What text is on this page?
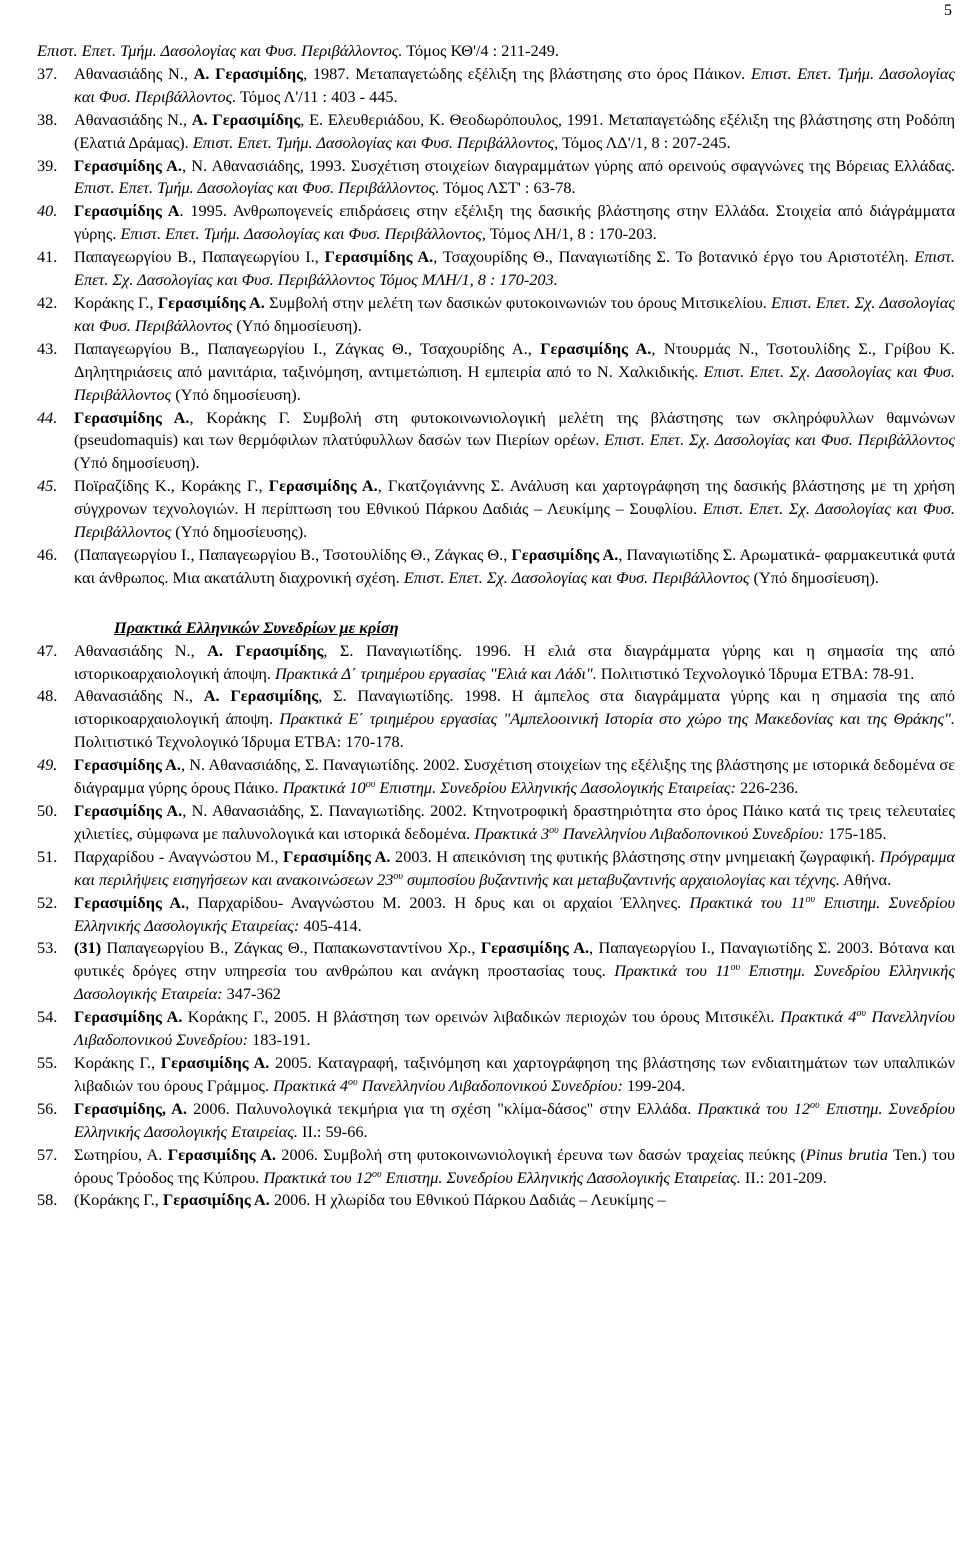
5

Επιστ. Επετ. Τμήμ. Δασολογίας και Φυσ. Περιβάλλοντος. Τόμος ΚΘ'/4 : 211-249.

37. Αθανασιάδης Ν., Α. Γερασιμίδης, 1987. Μεταπαγετώδης εξέλιξη της βλάστησης στο όρος Πάικον. Επιστ. Επετ. Τμήμ. Δασολογίας και Φυσ. Περιβάλλοντος. Τόμος Λ'/11 : 403 - 445.

38. Αθανασιάδης Ν., Α. Γερασιμίδης, Ε. Ελευθεριάδου, Κ. Θεοδωρόπουλος, 1991. Μεταπαγετώδης εξέλιξη της βλάστησης στη Ροδόπη (Ελατιά Δράμας). Επιστ. Επετ. Τμήμ. Δασολογίας και Φυσ. Περιβάλλοντος, Τόμος ΛΔ'/1, 8 : 207-245.

39. Γερασιμίδης Α., Ν. Αθανασιάδης, 1993. Συσχέτιση στοιχείων διαγραμμάτων γύρης από ορεινούς σφαγνώνες της Βόρειας Ελλάδας. Επιστ. Επετ. Τμήμ. Δασολογίας και Φυσ. Περιβάλλοντος. Τόμος ΛΣΤ' : 63-78.

40. Γερασιμίδης Α. 1995. Ανθρωπογενείς επιδράσεις στην εξέλιξη της δασικής βλάστησης στην Ελλάδα. Στοιχεία από διάγράμματα γύρης. Επιστ. Επετ. Τμήμ. Δασολογίας και Φυσ. Περιβάλλοντος, Τόμος ΛΗ/1, 8 : 170-203.

41. Παπαγεωργίου Β., Παπαγεωργίου Ι., Γερασιμίδης Α., Τσαχουρίδης Θ., Παναγιωτίδης Σ. Το βοτανικό έργο του Αριστοτέλη. Επιστ. Επετ. Σχ. Δασολογίας και Φυσ. Περιβάλλοντος Τόμος ΜΛΗ/1, 8 : 170-203.

42. Κοράκης Γ., Γερασιμίδης Α. Συμβολή στην μελέτη των δασικών φυτοκοινωνιών του όρους Μιτσικελίου. Επιστ. Επετ. Σχ. Δασολογίας και Φυσ. Περιβάλλοντος (Υπό δημοσίευση).

43. Παπαγεωργίου Β., Παπαγεωργίου Ι., Ζάγκας Θ., Τσαχουρίδης Α., Γερασιμίδης Α., Ντουρμάς Ν., Τσοτουλίδης Σ., Γρίβου Κ. Δηλητηριάσεις από μανιτάρια, ταξινόμηση, αντιμετώπιση. Η εμπειρία από το Ν. Χαλκιδικής. Επιστ. Επετ. Σχ. Δασολογίας και Φυσ. Περιβάλλοντος (Υπό δημοσίευση).

44. Γερασιμίδης Α., Κοράκης Γ. Συμβολή στη φυτοκοινωνιολογική μελέτη της βλάστησης των σκληρόφυλλων θαμνώνων (pseudomaquis) και των θερμόφιλων πλατύφυλλων δασών των Πιερίων ορέων. Επιστ. Επετ. Σχ. Δασολογίας και Φυσ. Περιβάλλοντος (Υπό δημοσίευση).

45. Ποϊραζίδης Κ., Κοράκης Γ., Γερασιμίδης Α., Γκατζογιάννης Σ. Ανάλυση και χαρτογράφηση της δασικής βλάστησης με τη χρήση σύγχρονων τεχνολογιών. Η περίπτωση του Εθνικού Πάρκου Δαδιάς – Λευκίμης – Σουφλίου. Επιστ. Επετ. Σχ. Δασολογίας και Φυσ. Περιβάλλοντος (Υπό δημοσίευσης).

46. (Παπαγεωργίου Ι., Παπαγεωργίου Β., Τσοτουλίδης Θ., Ζάγκας Θ., Γερασιμίδης Α., Παναγιωτίδης Σ. Αρωματικά- φαρμακευτικά φυτά και άνθρωπος. Μια ακατάλυτη διαχρονική σχέση. Επιστ. Επετ. Σχ. Δασολογίας και Φυσ. Περιβάλλοντος (Υπό δημοσίευση).

Πρακτικά Ελληνικών Συνεδρίων με κρίση

47. Αθανασιάδης Ν., Α. Γερασιμίδης, Σ. Παναγιωτίδης. 1996. Η ελιά στα διαγράμματα γύρης και η σημασία της από ιστορικοαρχαιολογική άποψη. Πρακτικά Δ΄ τριημέρου εργασίας "Ελιά και Λάδι". Πολιτιστικό Τεχνολογικό Ίδρυμα ΕΤΒΑ: 78-91.

48. Αθανασιάδης Ν., Α. Γερασιμίδης, Σ. Παναγιωτίδης. 1998. Η άμπελος στα διαγράμματα γύρης και η σημασία της από ιστορικοαρχαιολογική άποψη. Πρακτικά Ε΄ τριημέρου εργασίας "Αμπελοοινική Ιστορία στο χώρο της Μακεδονίας και της Θράκης". Πολιτιστικό Τεχνολογικό Ίδρυμα ΕΤΒΑ: 170-178.

49. Γερασιμίδης Α., Ν. Αθανασιάδης, Σ. Παναγιωτίδης. 2002. Συσχέτιση στοιχείων της εξέλιξης της βλάστησης με ιστορικά δεδομένα σε διάγραμμα γύρης όρους Πάικο. Πρακτικά $10^{o\upsilon}$ Επιστημ. Συνεδρίου Ελληνικής Δασολογικής Εταιρείας: 226-236.

50. Γερασιμίδης Α., Ν. Αθανασιάδης, Σ. Παναγιωτίδης. 2002. Κτηνοτροφική δραστηριότητα στο όρος Πάικο κατά τις τρεις τελευταίες χιλιετίες, σύμφωνα με παλυνολογικά και ιστορικά δεδομένα. Πρακτικά $3^{o\upsilon}$ Πανελληνίου Λιβαδοπονικού Συνεδρίου: 175-185.

51. Παρχαρίδου - Αναγνώστου Μ., Γερασιμίδης Α. 2003. Η απεικόνιση της φυτικής βλάστησης στην μνημειακή ζωγραφική. Πρόγραμμα και περιλήψεις εισηγήσεων και ανακοινώσεων $23^{o\upsilon}$ συμποσίου βυζαντινής και μεταβυζαντινής αρχαιολογίας και τέχνης. Αθήνα.

52. Γερασιμίδης Α., Παρχαρίδου- Αναγνώστου Μ. 2003. Η δρυς και οι αρχαίοι Έλληνες. Πρακτικά του $11^{o\upsilon}$ Επιστημ. Συνεδρίου Ελληνικής Δασολογικής Εταιρείας: 405-414.

53. (31) Παπαγεωργίου Β., Ζάγκας Θ., Παπακωνσταντίνου Χρ., Γερασιμίδης Α., Παπαγεωργίου Ι., Παναγιωτίδης Σ. 2003. Βότανα και φυτικές δρόγες στην υπηρεσία του ανθρώπου και ανάγκη προστασίας τους. Πρακτικά του $11^{o\upsilon}$ Επιστημ. Συνεδρίου Ελληνικής Δασολογικής Εταιρεία: 347-362

54. Γερασιμίδης Α. Κοράκης Γ., 2005. Η βλάστηση των ορεινών λιβαδικών περιοχών του όρους Μιτσικέλι. Πρακτικά $4^{o\upsilon}$ Πανελληνίου Λιβαδοπονικού Συνεδρίου: 183-191.

55. Κοράκης Γ., Γερασιμίδης Α. 2005. Καταγραφή, ταξινόμηση και χαρτογράφηση της βλάστησης των ενδιαιτημάτων των υπαλπικών λιβαδιών του όρους Γράμμος. Πρακτικά $4^{o\upsilon}$ Πανελληνίου Λιβαδοπονικού Συνεδρίου: 199-204.

56. Γερασιμίδης, Α. 2006. Παλυνολογικά τεκμήρια για τη σχέση "κλίμα-δάσος" στην Ελλάδα. Πρακτικά του $12^{o\upsilon}$ Επιστημ. Συνεδρίου Ελληνικής Δασολογικής Εταιρείας. ΙΙ.: 59-66.

57. Σωτηρίου, Α. Γερασιμίδης Α. 2006. Συμβολή στη φυτοκοινωνιολογική έρευνα των δασών τραχείας πεύκης (Pinus brutia Ten.) του όρους Τρόοδος της Κύπρου. Πρακτικά του $12^{o\upsilon}$ Επιστημ. Συνεδρίου Ελληνικής Δασολογικής Εταιρείας. ΙΙ.: 201-209.

58. (Κοράκης Γ., Γερασιμίδης Α. 2006. Η χλωρίδα του Εθνικού Πάρκου Δαδιάς – Λευκίμης –
